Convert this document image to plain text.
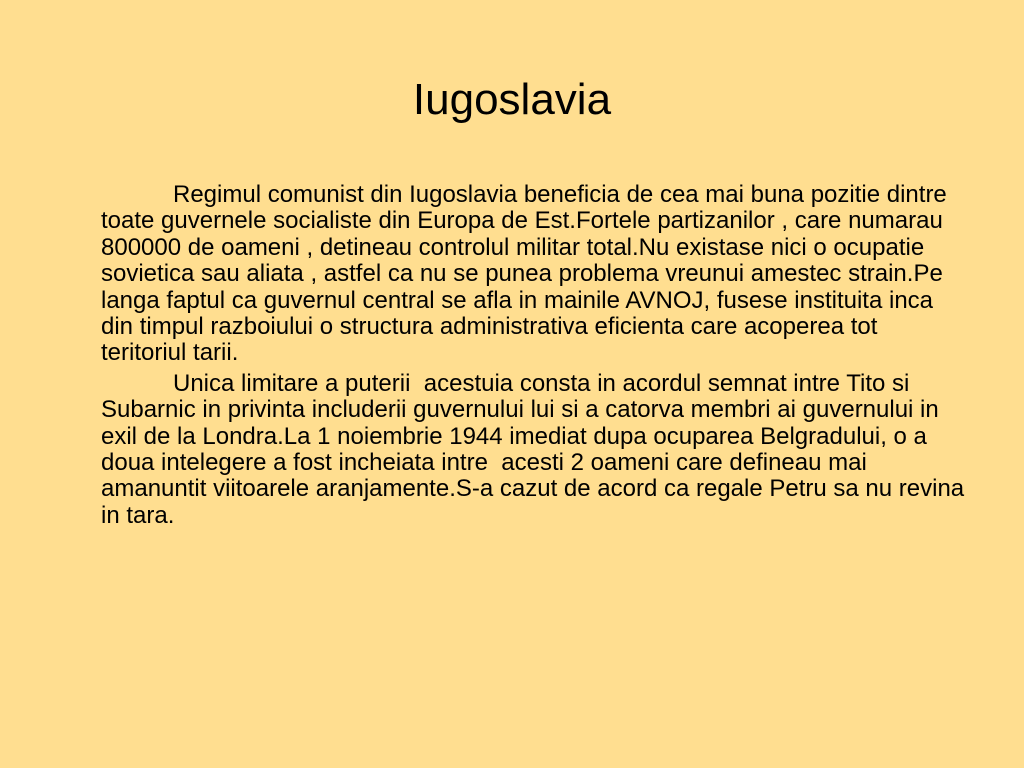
Iugoslavia

Regimul comunist din Iugoslavia beneficia de cea mai buna pozitie dintre toate guvernele socialiste din Europa de Est.Fortele partizanilor , care numarau 800000 de oameni , detineau controlul militar total.Nu existase nici o ocupatie sovietica sau aliata , astfel ca nu se punea problema vreunui amestec strain.Pe langa faptul ca guvernul central se afla in mainile AVNOJ, fusese instituita inca din timpul razboiului o structura administrativa eficienta care acoperea tot teritoriul tarii.

Unica limitare a puterii  acestuia consta in acordul semnat intre Tito si Subarnic in privinta includerii guvernului lui si a catorva membri ai guvernului in exil de la Londra.La 1 noiembrie 1944 imediat dupa ocuparea Belgradului, o a doua intelegere a fost incheiata intre  acesti 2 oameni care defineau mai amanuntit viitoarele aranjamente.S-a cazut de acord ca regale Petru sa nu revina in tara.
